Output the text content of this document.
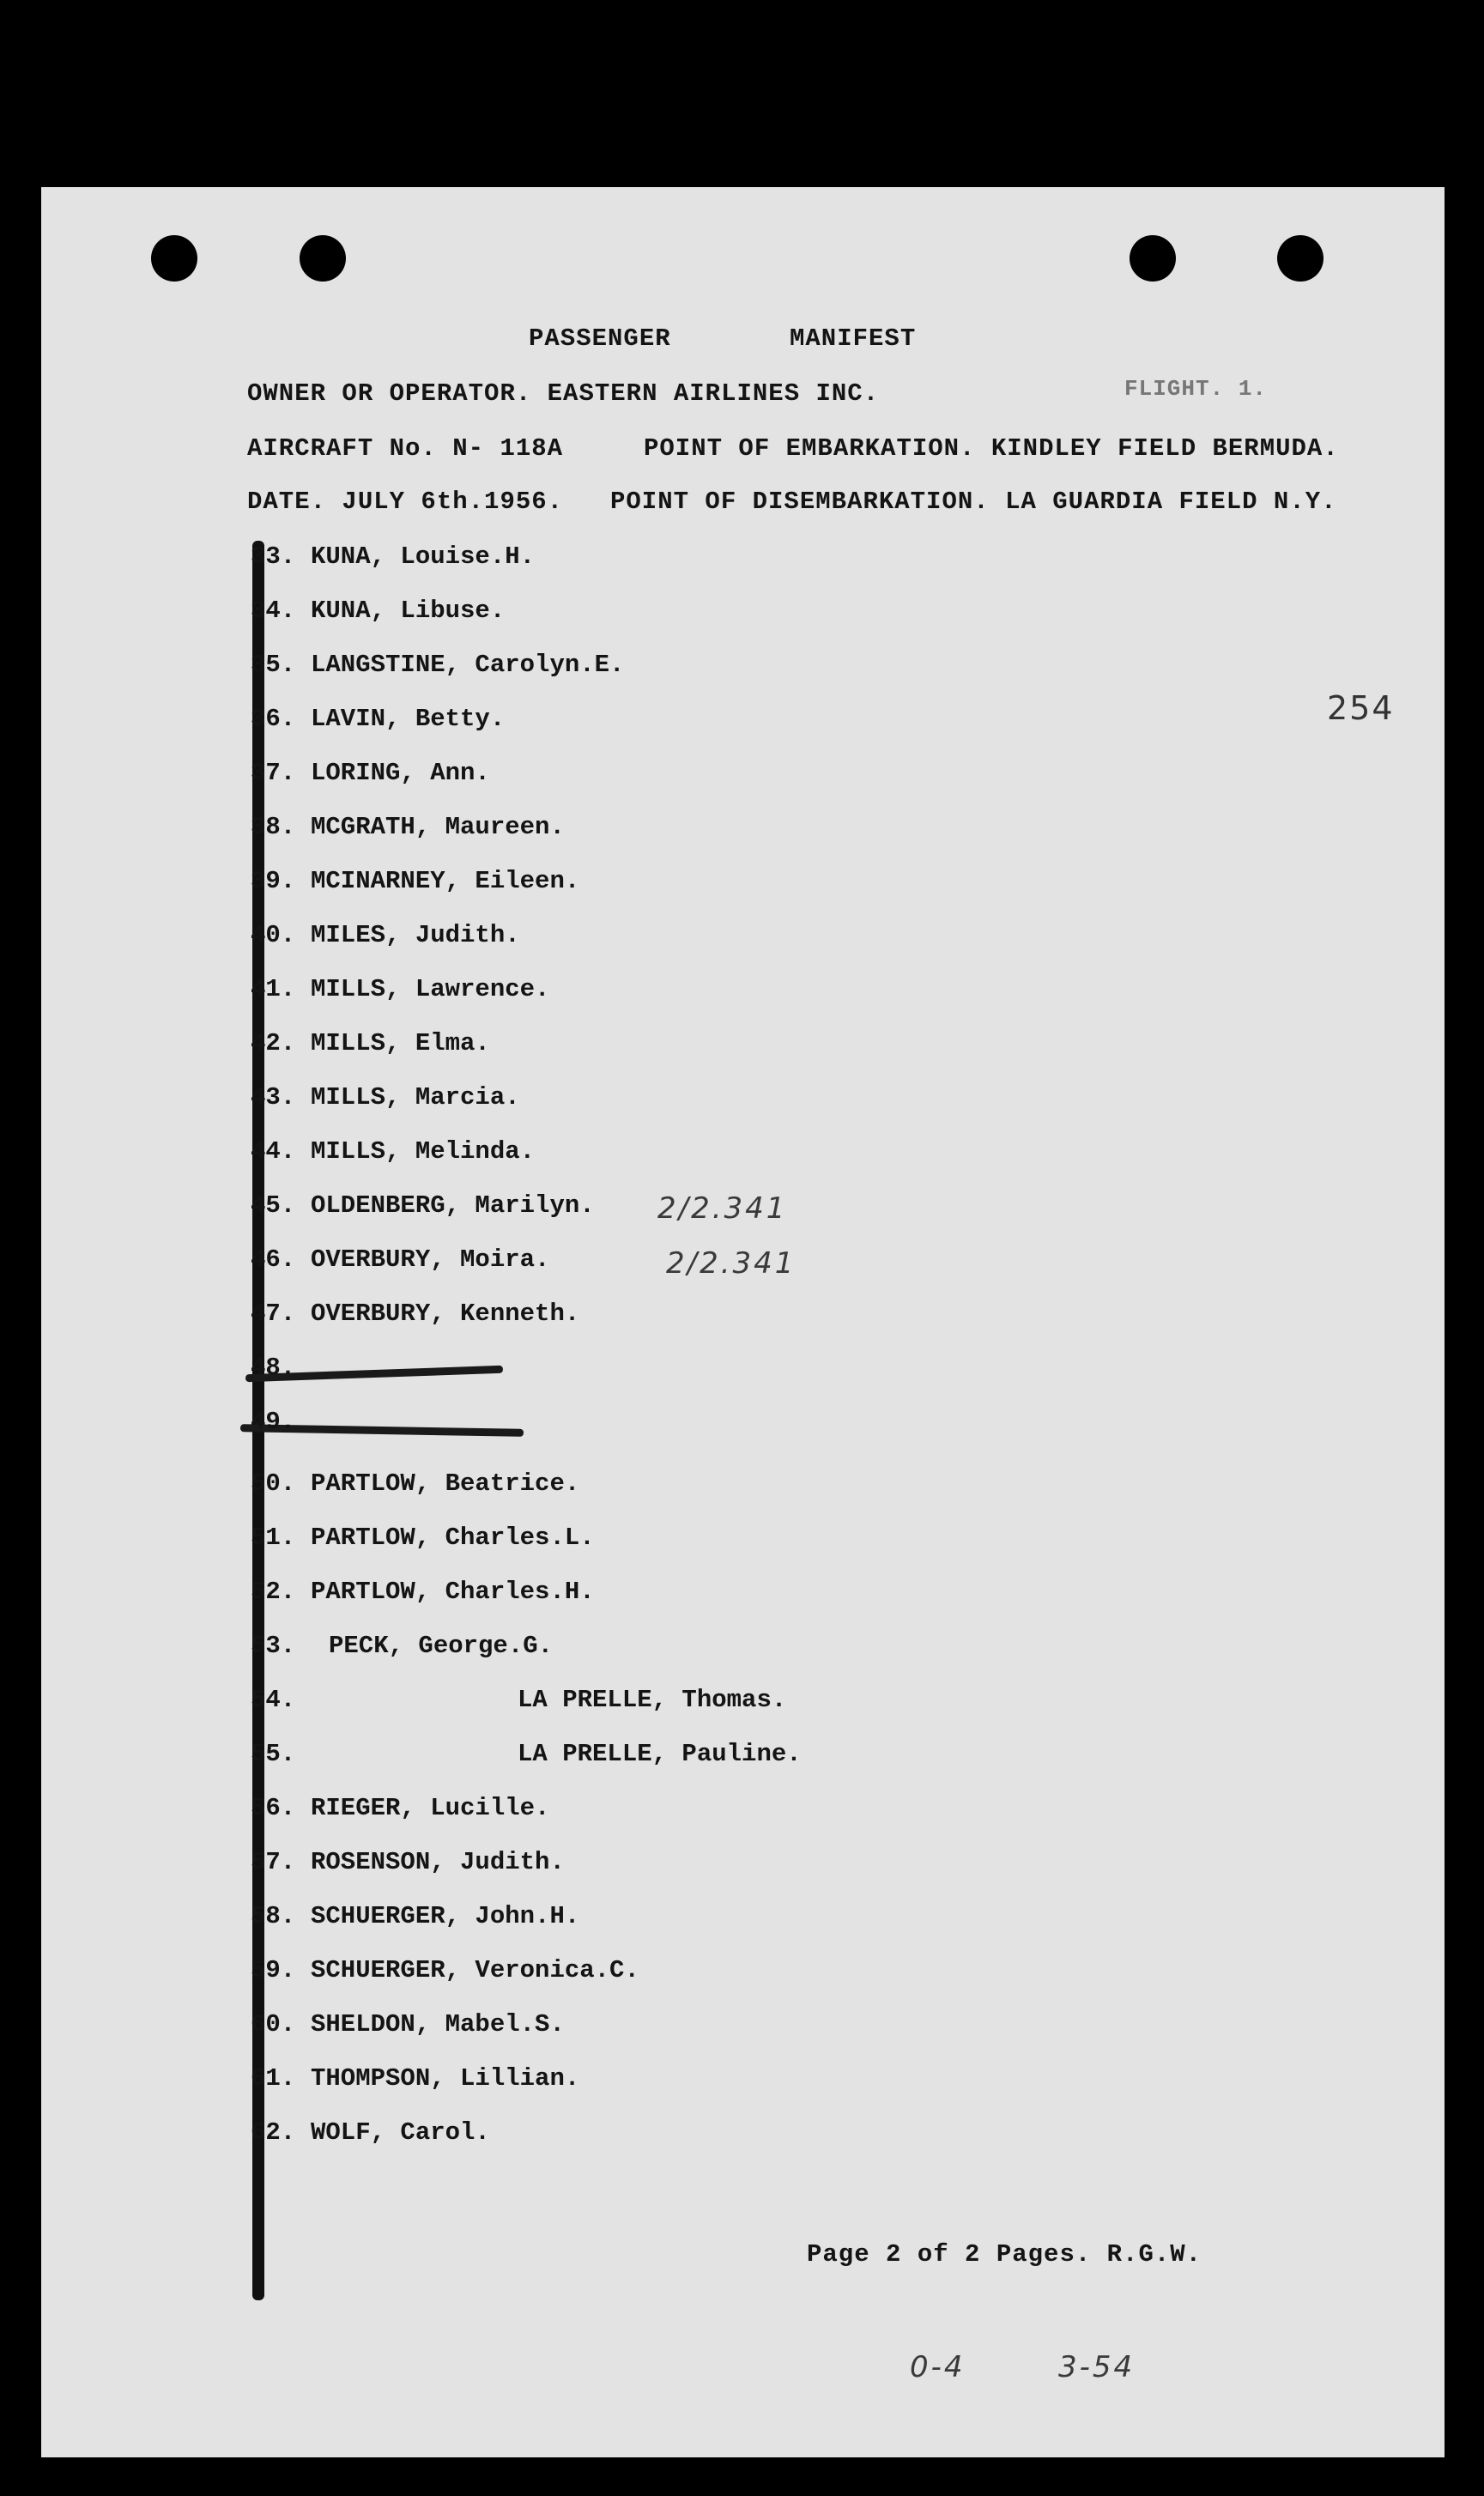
PASSENGER	MANIFEST
OWNER OR OPERATOR. EASTERN AIRLINES INC.	FLIGHT. 1.
AIRCRAFT No. N- 118A	POINT OF EMBARKATION. KINDLEY FIELD BERMUDA.
DATE. JULY 6th.1956. POINT OF DISEMBARKATION. LA GUARDIA FIELD N.Y.
254
33. KUNA, Louise.H.
34. KUNA, Libuse.
35. LANGSTINE, Carolyn.E.
36. LAVIN, Betty.
37. LORING, Ann.
38. MCGRATH, Maureen.
39. MCINARNEY, Eileen.
40. MILES, Judith.
41. MILLS, Lawrence.
42. MILLS, Elma.
43. MILLS, Marcia.
44. MILLS, Melinda.
45. OLDENBERG, Marilyn.
46. OVERBURY, Moira.
47. OVERBURY, Kenneth.
48.
49.
50. PARTLOW, Beatrice.
51. PARTLOW, Charles.L.
52. PARTLOW, Charles.H.
53. PECK, George.G.
54.	LA PRELLE, Thomas.
55.	LA PRELLE, Pauline.
56. RIEGER, Lucille.
57. ROSENSON, Judith.
58. SCHUERGER, John.H.
59. SCHUERGER, Veronica.C.
60. SHELDON, Mabel.S.
61. THOMPSON, Lillian.
62. WOLF, Carol.
2/2.341
2/2.341
Page 2 of 2 Pages. R.G.W.
0-4	3-54
